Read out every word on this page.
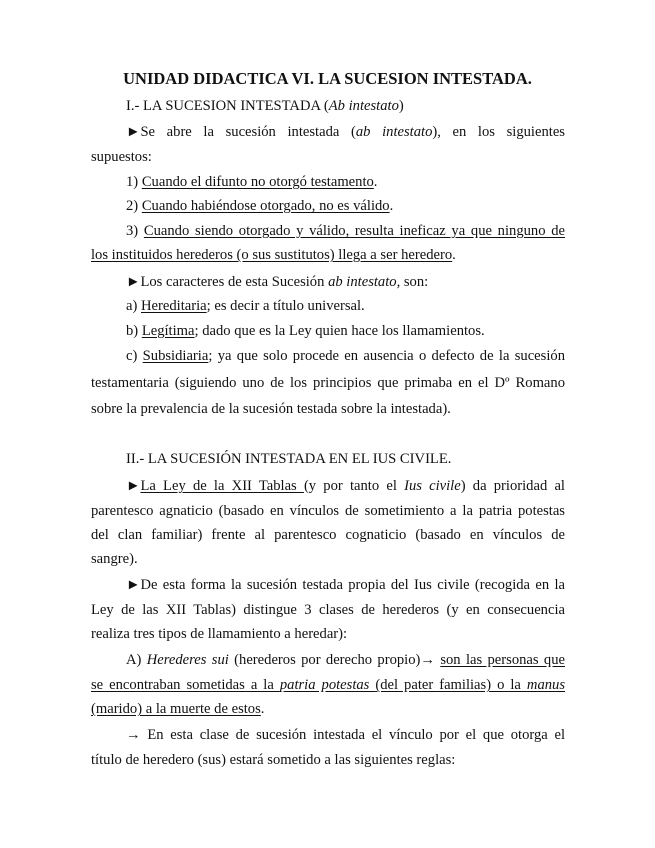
UNIDAD DIDACTICA VI. LA SUCESION INTESTADA.
I.- LA SUCESION INTESTADA (Ab intestato)
►Se abre la sucesión intestada (ab intestato), en los siguientes
supuestos:
1) Cuando el difunto no otorgó testamento.
2) Cuando habiéndose otorgado, no es válido.
3) Cuando siendo otorgado y válido, resulta ineficaz ya que ninguno de
los instituidos herederos (o sus sustitutos) llega a ser heredero.
►Los caracteres de esta Sucesión ab intestato, son:
a) Hereditaria; es decir a título universal.
b) Legítima; dado que es la Ley quien hace los llamamientos.
c) Subsidiaria; ya que solo procede en ausencia o defecto de la sucesión
testamentaria (siguiendo uno de los principios que primaba en el Dº Romano
sobre la prevalencia de la sucesión testada sobre la intestada).
II.- LA SUCESIÓN INTESTADA EN EL IUS CIVILE.
►La Ley de la XII Tablas (y por tanto el Ius civile) da prioridad al
parentesco agnaticio (basado en vínculos de sometimiento a la patria potestas
del clan familiar) frente al parentesco cognaticio (basado en vínculos de
sangre).
►De esta forma la sucesión testada propia del Ius civile (recogida en la
Ley de las XII Tablas) distingue 3 clases de herederos (y en consecuencia
realiza tres tipos de llamamiento a heredar):
A) Herederes sui (herederos por derecho propio)→ son las personas que
se encontraban sometidas a la patria potestas (del pater familias) o la manus
(marido) a la muerte de estos.
→ En esta clase de sucesión intestada el vínculo por el que otorga el
título de heredero (sus) estará sometido a las siguientes reglas:
